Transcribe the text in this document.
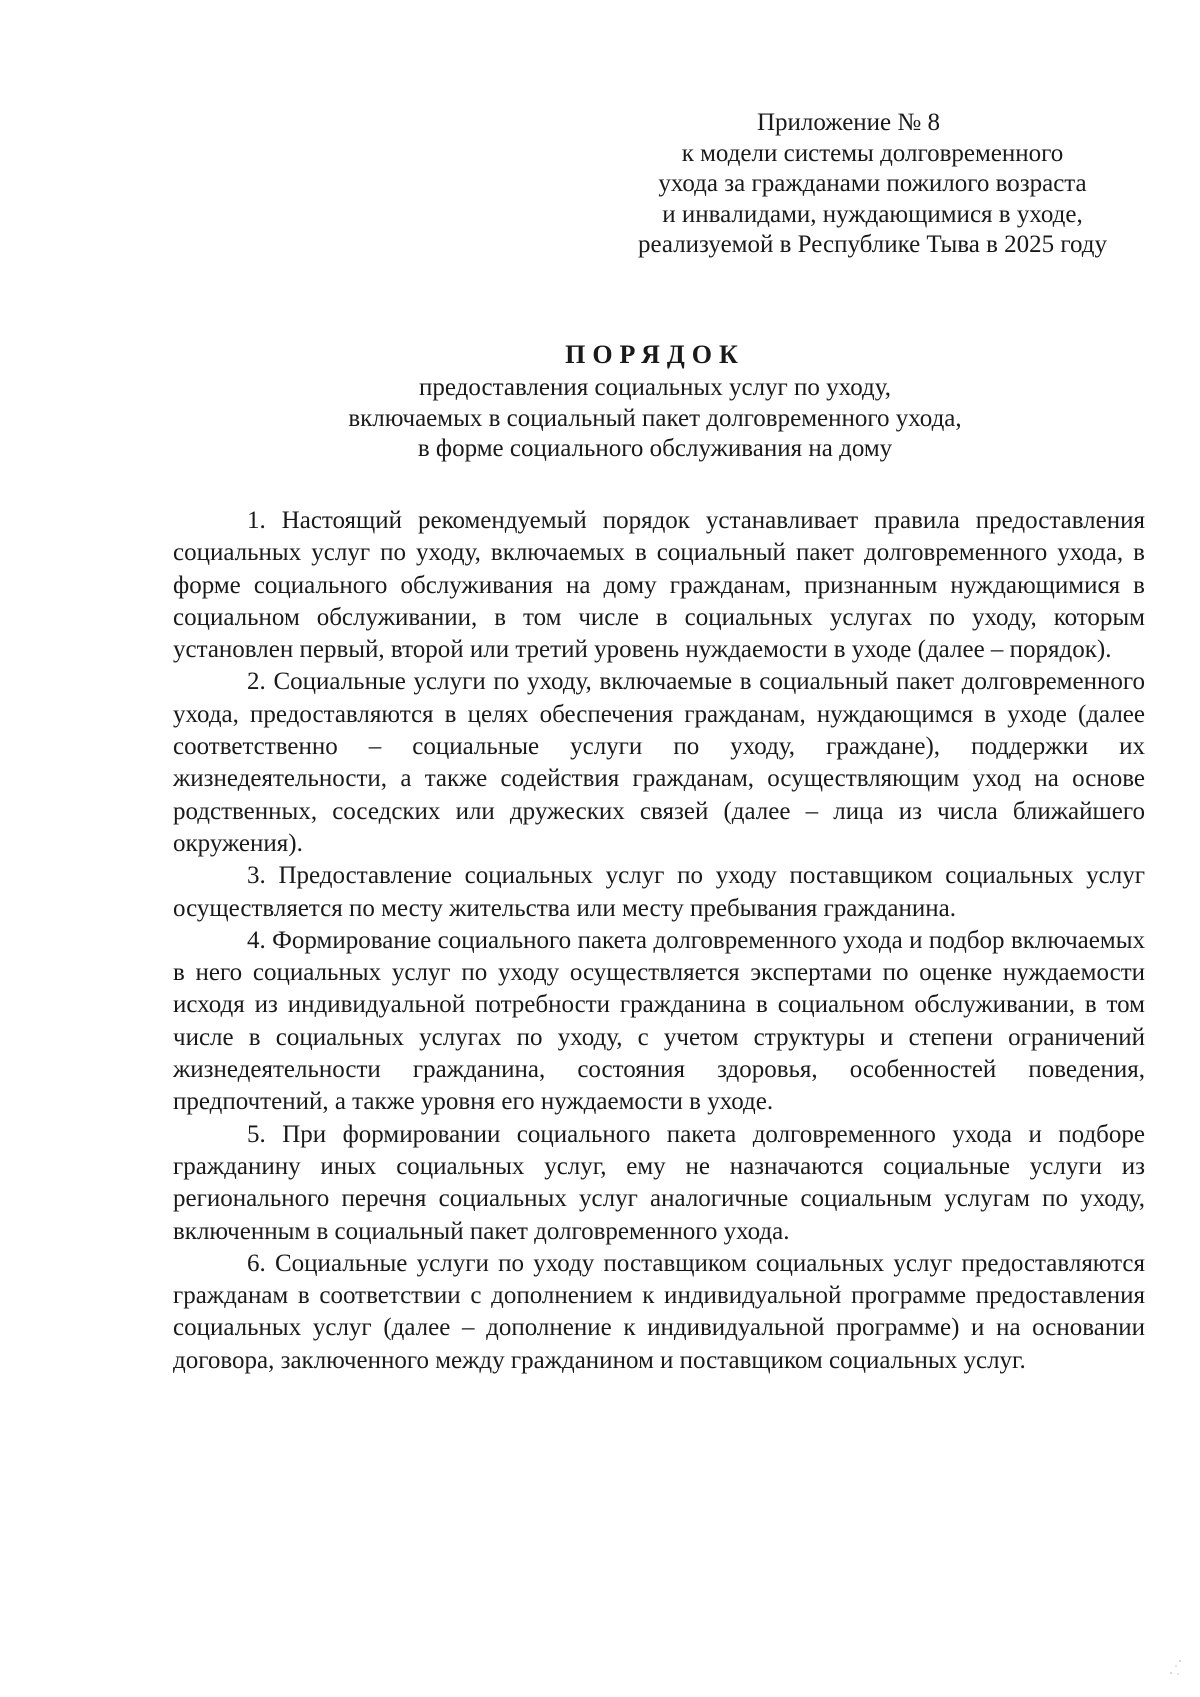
Приложение № 8
к модели системы долговременного
ухода за гражданами пожилого возраста
и инвалидами, нуждающимися в уходе,
реализуемой в Республике Тыва в 2025 году
ПОРЯДОК
предоставления социальных услуг по уходу,
включаемых в социальный пакет долговременного ухода,
в форме социального обслуживания на дому

1. Настоящий рекомендуемый порядок устанавливает правила предоставления социальных услуг по уходу, включаемых в социальный пакет долговременного ухода, в форме социального обслуживания на дому гражданам, признанным нуждающимися в социальном обслуживании, в том числе в социальных услугах по уходу, которым установлен первый, второй или третий уровень нуждаемости в уходе (далее – порядок).

2. Социальные услуги по уходу, включаемые в социальный пакет долговременного ухода, предоставляются в целях обеспечения гражданам, нуждающимся в уходе (далее соответственно – социальные услуги по уходу, граждане), поддержки их жизнедеятельности, а также содействия гражданам, осуществляющим уход на основе родственных, соседских или дружеских связей (далее – лица из числа ближайшего окружения).

3. Предоставление социальных услуг по уходу поставщиком социальных услуг осуществляется по месту жительства или месту пребывания гражданина.

4. Формирование социального пакета долговременного ухода и подбор включаемых в него социальных услуг по уходу осуществляется экспертами по оценке нуждаемости исходя из индивидуальной потребности гражданина в социальном обслуживании, в том числе в социальных услугах по уходу, с учетом структуры и степени ограничений жизнедеятельности гражданина, состояния здоровья, особенностей поведения, предпочтений, а также уровня его нуждаемости в уходе.

5. При формировании социального пакета долговременного ухода и подборе гражданину иных социальных услуг, ему не назначаются социальные услуги из регионального перечня социальных услуг аналогичные социальным услугам по уходу, включенным в социальный пакет долговременного ухода.

6. Социальные услуги по уходу поставщиком социальных услуг предоставляются гражданам в соответствии с дополнением к индивидуальной программе предоставления социальных услуг (далее – дополнение к индивидуальной программе) и на основании договора, заключенного между гражданином и поставщиком социальных услуг.
